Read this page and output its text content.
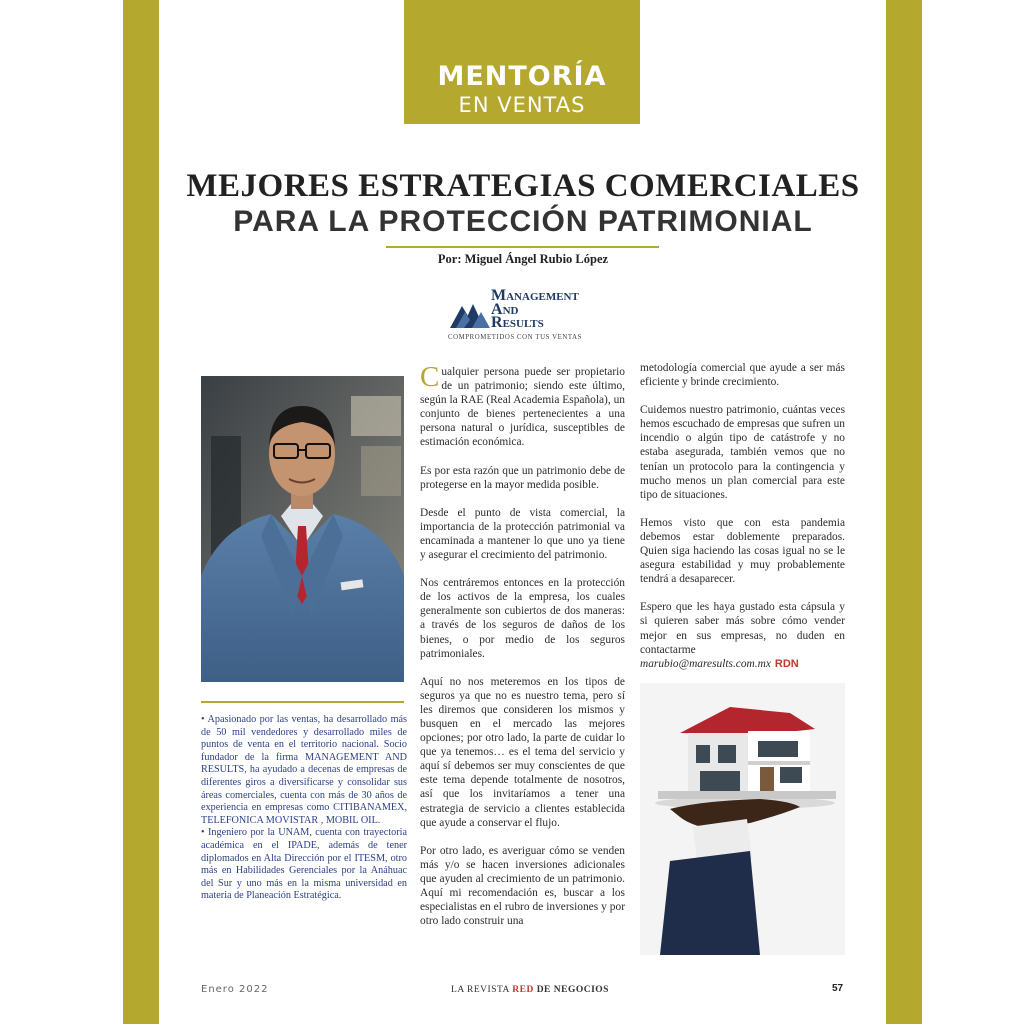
MENTORÍA
EN VENTAS
MEJORES ESTRATEGIAS COMERCIALES
PARA LA PROTECCIÓN PATRIMONIAL
Por: Miguel Ángel Rubio López
MANAGEMENT
AND
RESULTS
COMPROMETIDOS CON TUS VENTAS

• Apasionado por las ventas, ha desarrollado más de 50 mil vendedores y desarrollado miles de puntos de venta en el territorio nacional. Socio fundador de la firma MANAGEMENT AND RESULTS, ha ayudado a decenas de empresas de diferentes giros a diversificarse y consolidar sus áreas comerciales, cuenta con más de 30 años de experiencia en empresas como CITIBANAMEX, TELEFONICA MOVISTAR , MOBIL OIL.

• Ingeniero por la UNAM, cuenta con trayectoria académica en el IPADE, además de tener diplomados en Alta Dirección por el ITESM, otro más en Habilidades Gerenciales por la Anáhuac del Sur y uno más en la misma universidad en materia de Planeación Estratégica.

Cualquier persona puede ser propietario de un patrimonio; siendo este último, según la RAE (Real Academia Española), un conjunto de bienes pertenecientes a una persona natural o jurídica, susceptibles de estimación económica.

Es por esta razón que un patrimonio debe de protegerse en la mayor medida posible.

Desde el punto de vista comercial, la importancia de la protección patrimonial va encaminada a mantener lo que uno ya tiene y asegurar el crecimiento del patrimonio.

Nos centráremos entonces en la protección de los activos de la empresa, los cuales generalmente son cubiertos de dos maneras: a través de los seguros de daños de los bienes, o por medio de los seguros patrimoniales.

Aquí no nos meteremos en los tipos de seguros ya que no es nuestro tema, pero sí les diremos que consideren los mismos y busquen en el mercado las mejores opciones; por otro lado, la parte de cuidar lo que ya tenemos… es el tema del servicio y aquí sí debemos ser muy conscientes de que este tema depende totalmente de nosotros, así que los invitaríamos a tener una estrategia de servicio a clientes establecida que ayude a conservar el flujo.

Por otro lado, es averiguar cómo se venden más y/o se hacen inversiones adicionales que ayuden al crecimiento de un patrimonio. Aquí mi recomendación es, buscar a los especialistas en el rubro de inversiones y por otro lado construir una

metodología comercial que ayude a ser más eficiente y brinde crecimiento.

Cuidemos nuestro patrimonio, cuántas veces hemos escuchado de empresas que sufren un incendio o algún tipo de catástrofe y no estaba asegurada, también vemos que no tenían un protocolo para la contingencia y mucho menos un plan comercial para este tipo de situaciones.

Hemos visto que con esta pandemia debemos estar doblemente preparados. Quien siga haciendo las cosas igual no se le asegura estabilidad y muy probablemente tendrá a desaparecer.

Espero que les haya gustado esta cápsula y si quieren saber más sobre cómo vender mejor en sus empresas, no duden en contactarme marubio@maresults.com.mx RDN

Enero 2022	LA REVISTA RED DE NEGOCIOS	57
